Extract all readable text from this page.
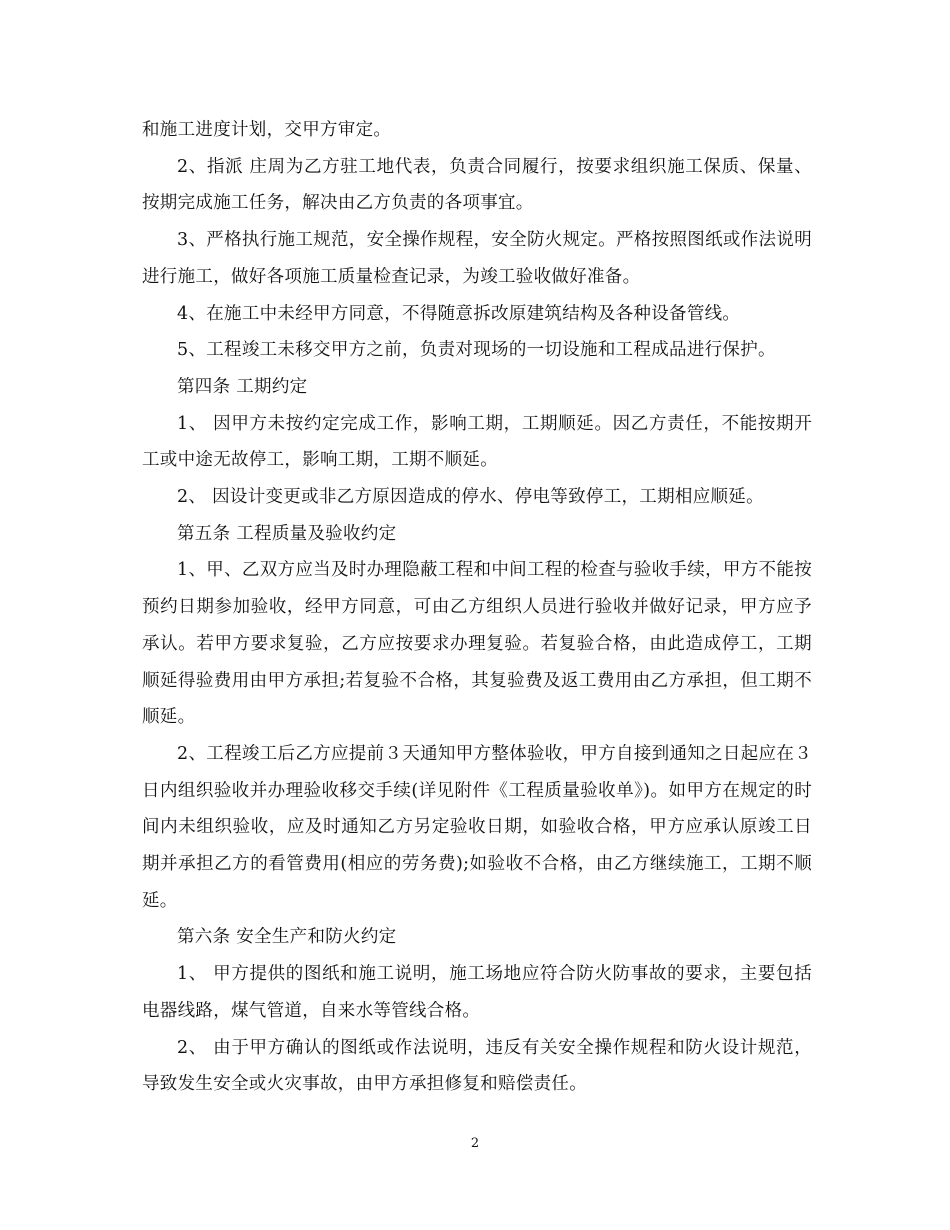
和施工进度计划，交甲方审定。

2、指派 庄周为乙方驻工地代表，负责合同履行，按要求组织施工保质、保量、按期完成施工任务，解决由乙方负责的各项事宜。

3、严格执行施工规范，安全操作规程，安全防火规定。严格按照图纸或作法说明进行施工，做好各项施工质量检查记录，为竣工验收做好准备。

4、在施工中未经甲方同意，不得随意拆改原建筑结构及各种设备管线。

5、工程竣工未移交甲方之前，负责对现场的一切设施和工程成品进行保护。

第四条 工期约定

1、 因甲方未按约定完成工作，影响工期，工期顺延。因乙方责任，不能按期开工或中途无故停工，影响工期，工期不顺延。

2、 因设计变更或非乙方原因造成的停水、停电等致停工，工期相应顺延。

第五条 工程质量及验收约定

1、甲、乙双方应当及时办理隐蔽工程和中间工程的检查与验收手续，甲方不能按预约日期参加验收，经甲方同意，可由乙方组织人员进行验收并做好记录，甲方应予承认。若甲方要求复验，乙方应按要求办理复验。若复验合格，由此造成停工，工期顺延得验费用由甲方承担;若复验不合格，其复验费及返工费用由乙方承担，但工期不顺延。

2、工程竣工后乙方应提前３天通知甲方整体验收，甲方自接到通知之日起应在３日内组织验收并办理验收移交手续(详见附件《工程质量验收单》)。如甲方在规定的时间内未组织验收，应及时通知乙方另定验收日期，如验收合格，甲方应承认原竣工日期并承担乙方的看管费用(相应的劳务费);如验收不合格，由乙方继续施工，工期不顺延。

第六条 安全生产和防火约定

1、 甲方提供的图纸和施工说明，施工场地应符合防火防事故的要求，主要包括电器线路，煤气管道，自来水等管线合格。

2、 由于甲方确认的图纸或作法说明，违反有关安全操作规程和防火设计规范，导致发生安全或火灾事故，由甲方承担修复和赔偿责任。

2
